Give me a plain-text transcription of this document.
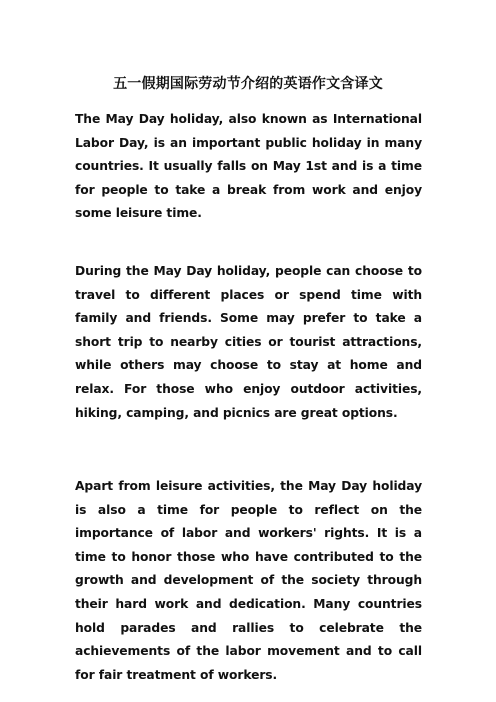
五一假期国际劳动节介绍的英语作文含译文

The May Day holiday, also known as International Labor Day, is an important public holiday in many countries. It usually falls on May 1st and is a time for people to take a break from work and enjoy some leisure time.

During the May Day holiday, people can choose to travel to different places or spend time with family and friends. Some may prefer to take a short trip to nearby cities or tourist attractions, while others may choose to stay at home and relax. For those who enjoy outdoor activities, hiking, camping, and picnics are great options.

Apart from leisure activities, the May Day holiday is also a time for people to reflect on the importance of labor and workers' rights. It is a time to honor those who have contributed to the growth and development of the society through their hard work and dedication. Many countries hold parades and rallies to celebrate the achievements of the labor movement and to call for fair treatment of workers.
